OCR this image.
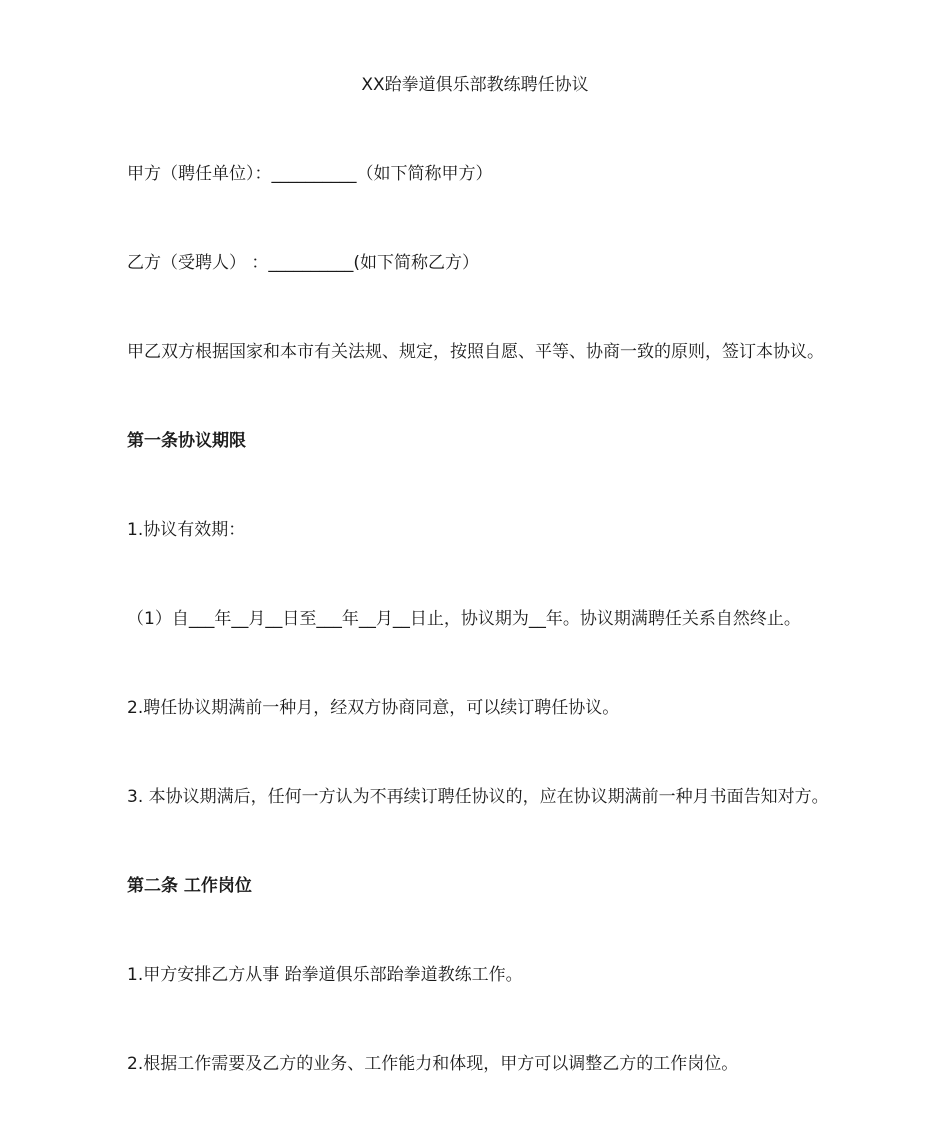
XX跆拳道俱乐部教练聘任协议

甲方（聘任单位）：__________（如下简称甲方）

乙方（受聘人） ：__________(如下简称乙方）

甲乙双方根据国家和本市有关法规、规定，按照自愿、平等、协商一致的原则，签订本协议。

第一条协议期限

1.协议有效期：

（1）自___年__月__日至___年__月__日止，协议期为__年。协议期满聘任关系自然终止。

2.聘任协议期满前一种月，经双方协商同意，可以续订聘任协议。

3. 本协议期满后，任何一方认为不再续订聘任协议的，应在协议期满前一种月书面告知对方。

第二条 工作岗位

1.甲方安排乙方从事 跆拳道俱乐部跆拳道教练工作。

2.根据工作需要及乙方的业务、工作能力和体现，甲方可以调整乙方的工作岗位。
